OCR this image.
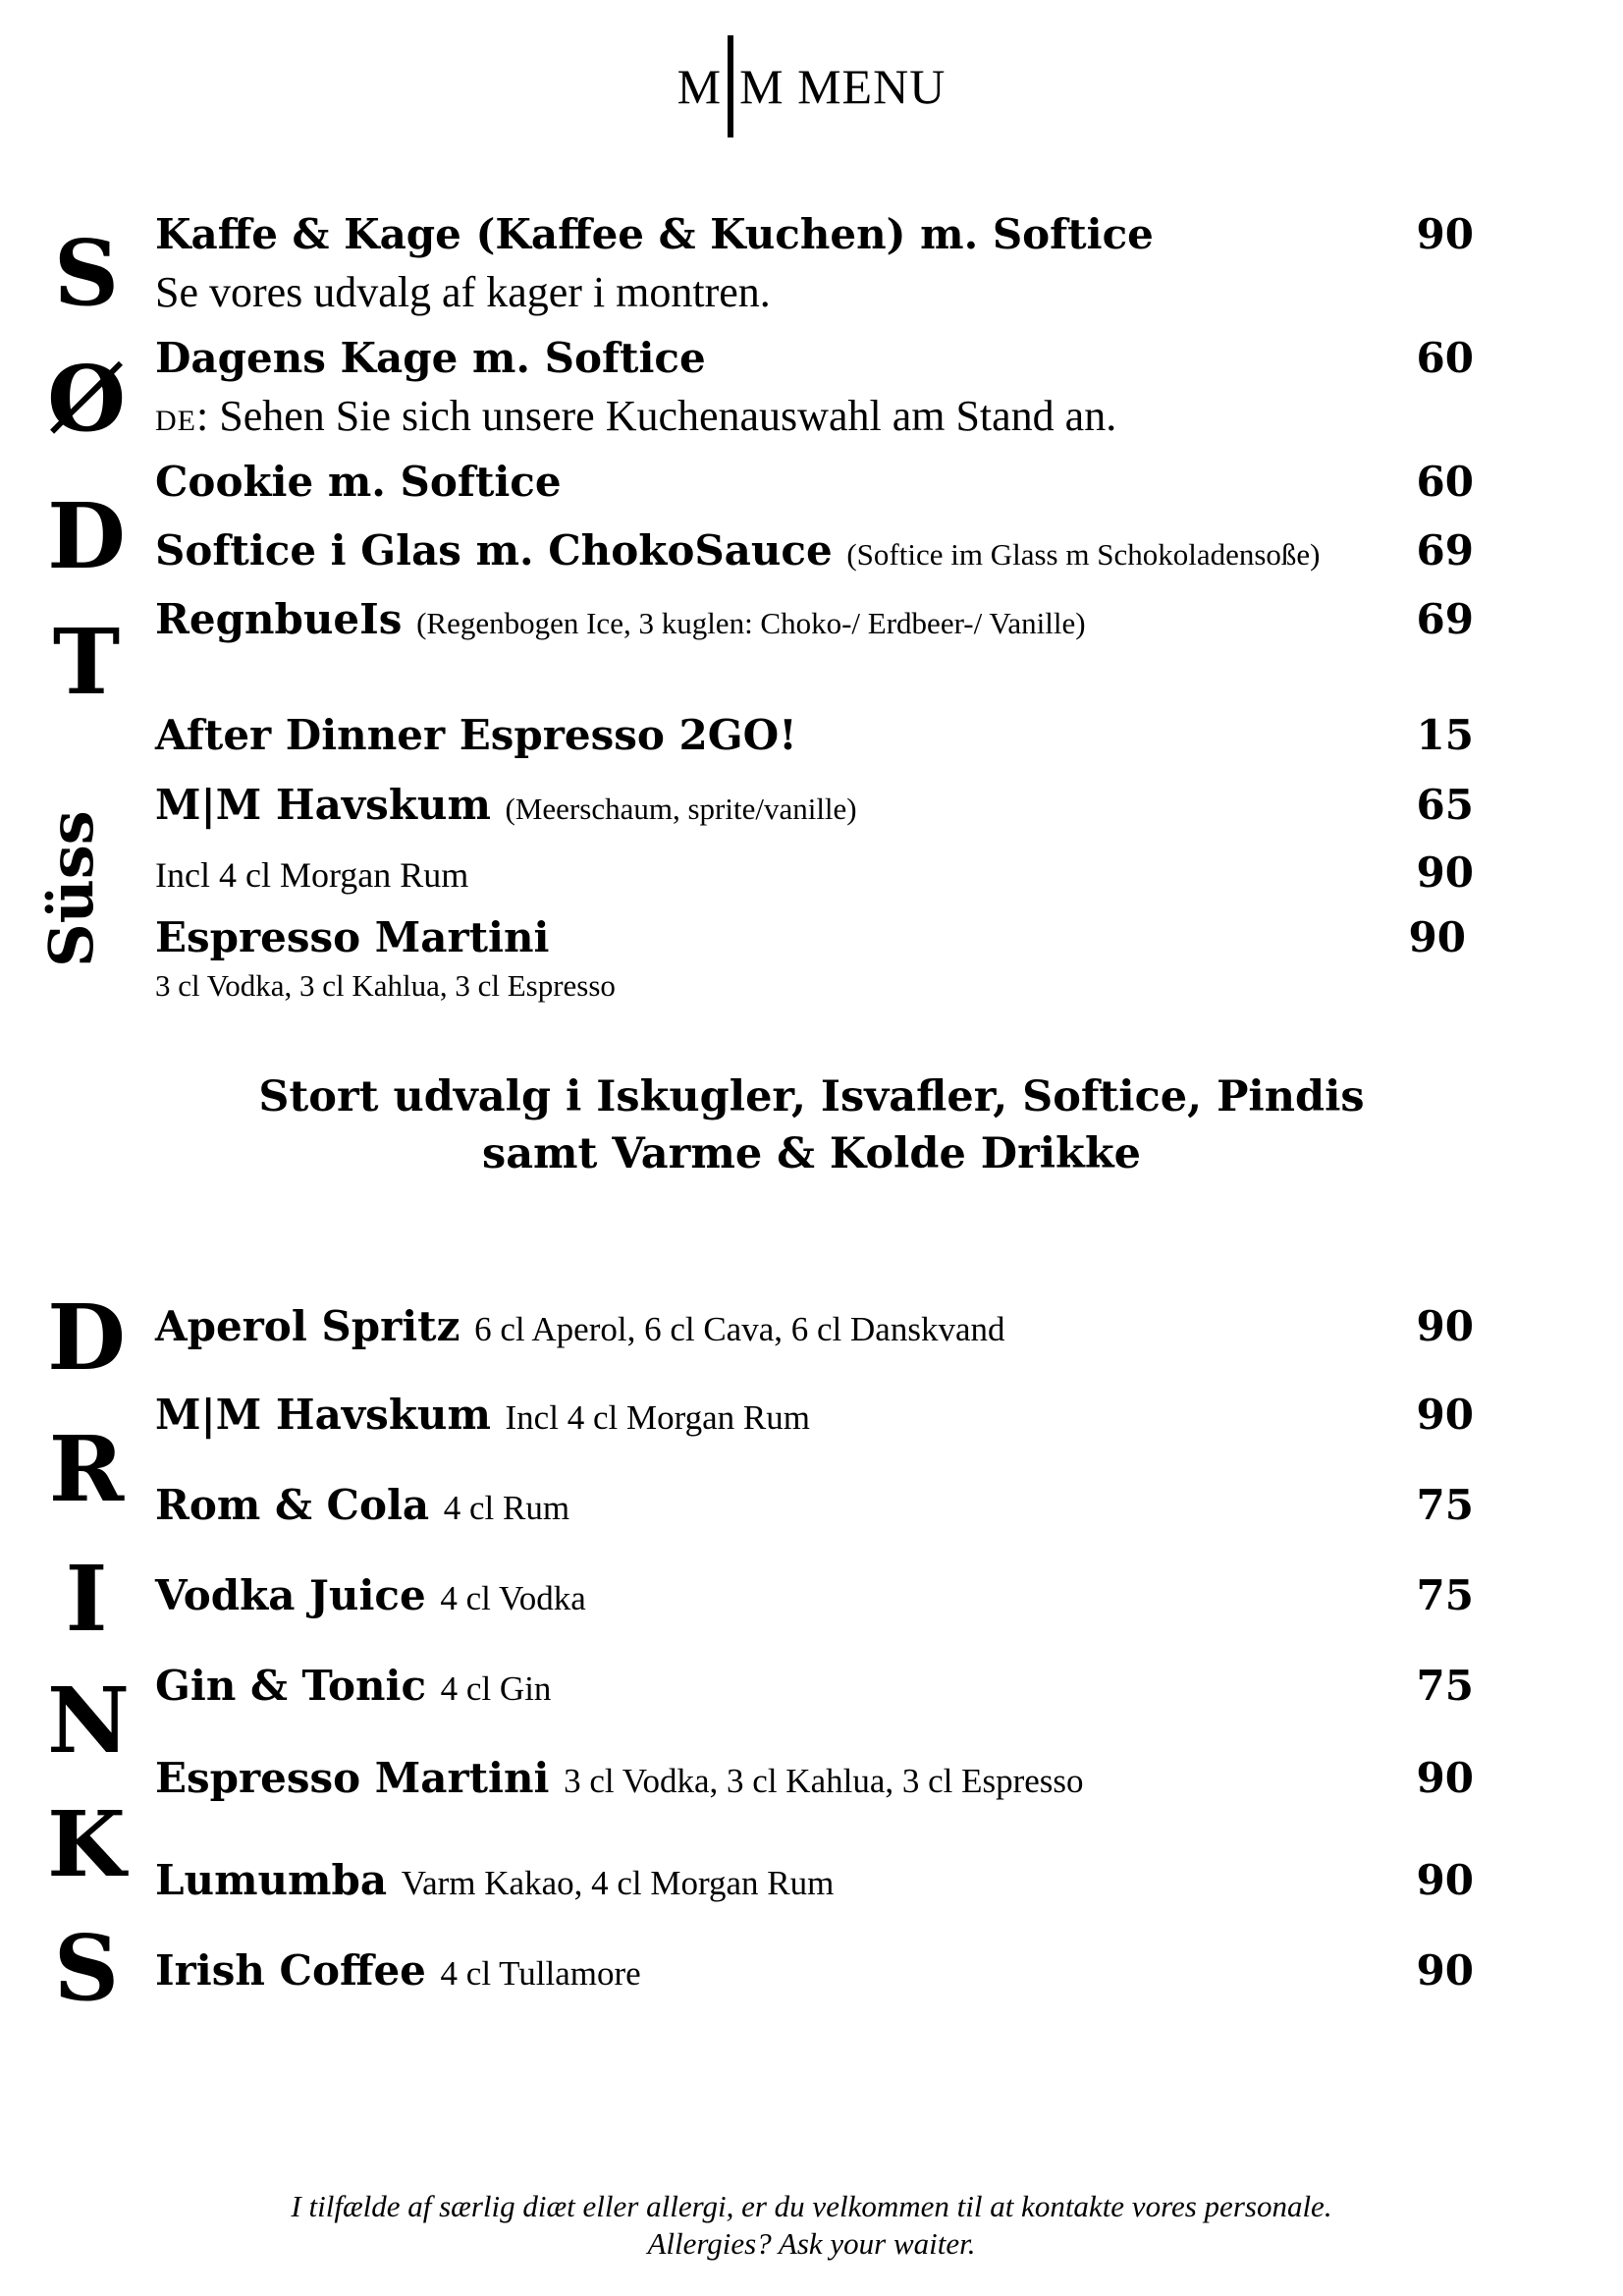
M M MENU
S
Ø
D
T
Süss
Kaffe & Kage (Kaffee & Kuchen) m. Softice	90
Se vores udvalg af kager i montren.
Dagens Kage m. Softice	60
DE: Sehen Sie sich unsere Kuchenauswahl am Stand an.
Cookie m. Softice	60
Softice i Glas m. ChokoSauce (Softice im Glass m Schokoladensoße) 69
RegnbueIs (Regenbogen Ice, 3 kuglen: Choko-/ Erdbeer-/ Vanille)	69
After Dinner Espresso 2GO!	15
M|M Havskum (Meerschaum, sprite/vanille)	65
Incl 4 cl Morgan Rum	90
Espresso Martini	90
3 cl Vodka, 3 cl Kahlua, 3 cl Espresso
Stort udvalg i Iskugler, Isvafler, Softice, Pindis
samt Varme & Kolde Drikke
D
R
I
N
K
S
Aperol Spritz 6 cl Aperol, 6 cl Cava, 6 cl Danskvand	90
M|M Havskum Incl 4 cl Morgan Rum	90
Rom & Cola 4 cl Rum	75
Vodka Juice 4 cl Vodka	75
Gin & Tonic 4 cl Gin	75
Espresso Martini 3 cl Vodka, 3 cl Kahlua, 3 cl Espresso	90
Lumumba Varm Kakao, 4 cl Morgan Rum	90
Irish Coffee 4 cl Tullamore	90
I tilfælde af særlig diæt eller allergi, er du velkommen til at kontakte vores personale.
Allergies? Ask your waiter.
